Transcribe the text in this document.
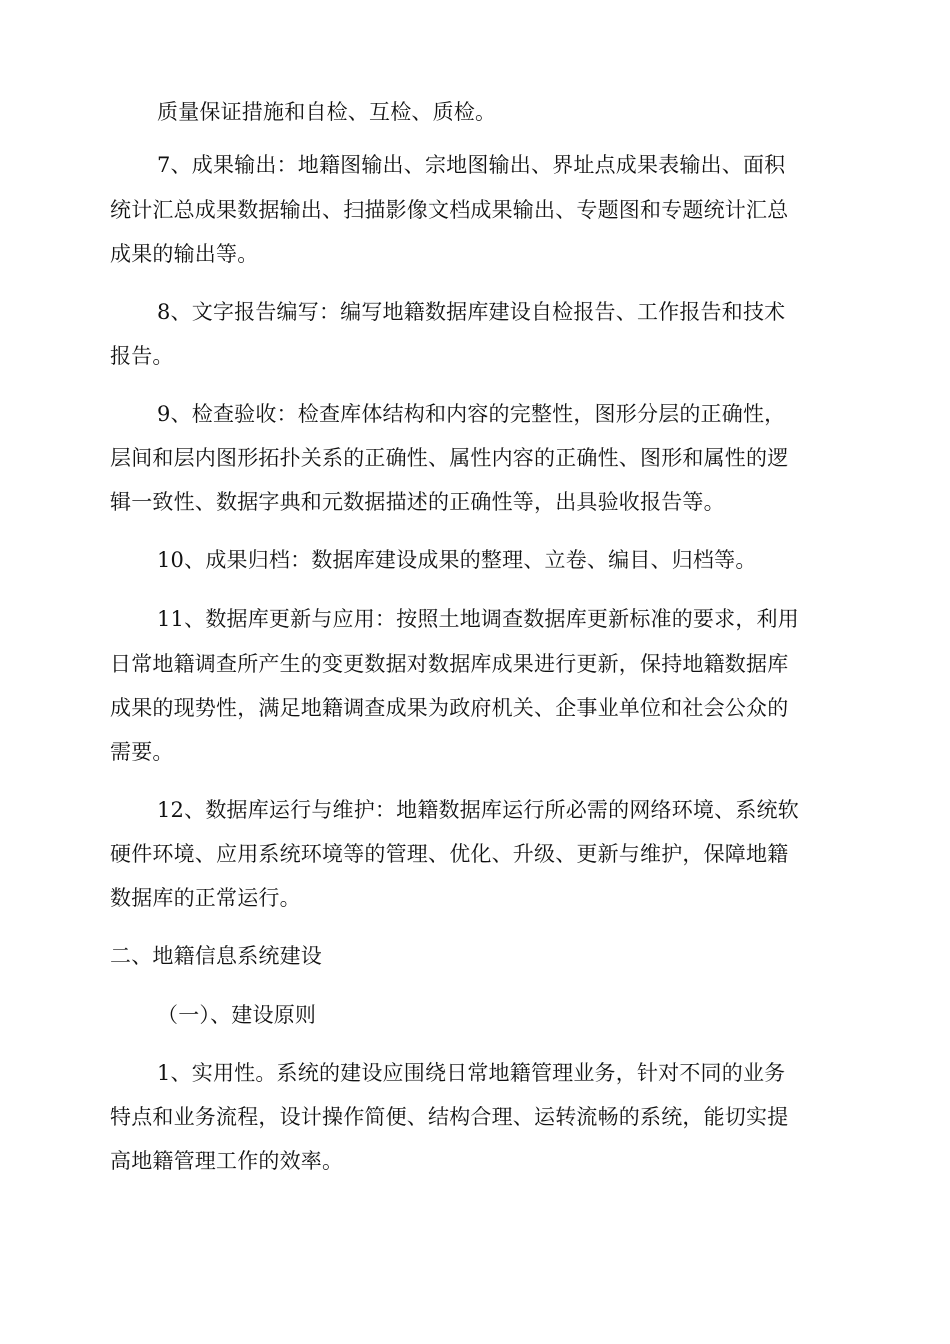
质量保证措施和自检、互检、质检。
7、成果输出：地籍图输出、宗地图输出、界址点成果表输出、面积
统计汇总成果数据输出、扫描影像文档成果输出、专题图和专题统计汇总
成果的输出等。
8、文字报告编写：编写地籍数据库建设自检报告、工作报告和技术
报告。
9、检查验收：检查库体结构和内容的完整性，图形分层的正确性，
层间和层内图形拓扑关系的正确性、属性内容的正确性、图形和属性的逻
辑一致性、数据字典和元数据描述的正确性等，出具验收报告等。
10、成果归档：数据库建设成果的整理、立卷、编目、归档等。
11、数据库更新与应用：按照土地调查数据库更新标准的要求，利用
日常地籍调查所产生的变更数据对数据库成果进行更新，保持地籍数据库
成果的现势性，满足地籍调查成果为政府机关、企事业单位和社会公众的
需要。
12、数据库运行与维护：地籍数据库运行所必需的网络环境、系统软
硬件环境、应用系统环境等的管理、优化、升级、更新与维护，保障地籍
数据库的正常运行。
二、地籍信息系统建设
（一）、建设原则
1、实用性。系统的建设应围绕日常地籍管理业务，针对不同的业务
特点和业务流程，设计操作简便、结构合理、运转流畅的系统，能切实提
高地籍管理工作的效率。
